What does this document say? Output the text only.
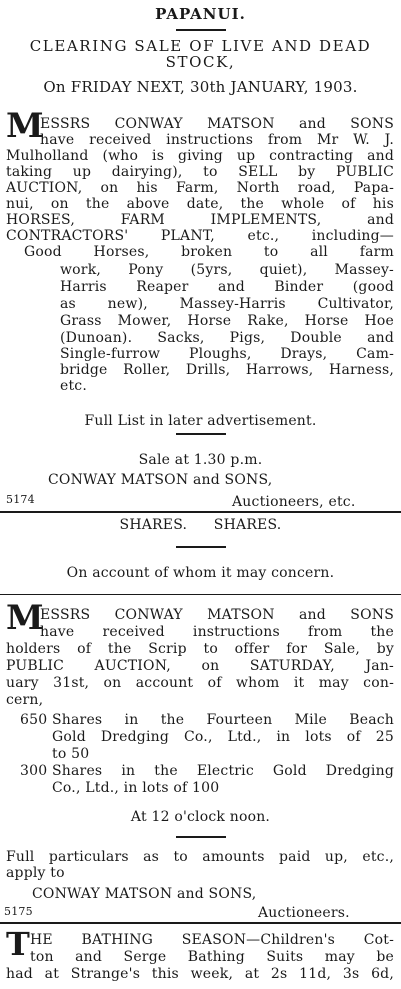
PAPANUI.
CLEARING SALE OF LIVE AND DEAD
STOCK,
On FRIDAY NEXT, 30th JANUARY, 1903.
M
ESSRS CONWAY MATSON and SONS
have received instructions from Mr W. J.
Mulholland (who is giving up contracting and
taking up dairying), to SELL by PUBLIC
AUCTION, on his Farm, North road, Papa-
nui, on the above date, the whole of his
HORSES, FARM IMPLEMENTS, and
CONTRACTORS' PLANT, etc., including—
Good Horses, broken to all farm
work, Pony (5yrs, quiet), Massey-
Harris Reaper and Binder (good
as new), Massey-Harris Cultivator,
Grass Mower, Horse Rake, Horse Hoe
(Dunoan). Sacks, Pigs, Double and
Single-furrow Ploughs, Drays, Cam-
bridge Roller, Drills, Harrows, Harness,
etc.
Full List in later advertisement.
Sale at 1.30 p.m.
CONWAY MATSON and SONS,
5174	Auctioneers, etc.
SHARES. SHARES.
On account of whom it may concern.
M
ESSRS CONWAY MATSON and SONS
have received instructions from the
holders of the Scrip to offer for Sale, by
PUBLIC AUCTION, on SATURDAY, Jan-
uary 31st, on account of whom it may con-
cern,
650 Shares in the Fourteen Mile Beach
Gold Dredging Co., Ltd., in lots of 25
to 50
300 Shares in the Electric Gold Dredging
Co., Ltd., in lots of 100
At 12 o'clock noon.
Full particulars as to amounts paid up, etc.,
apply to
CONWAY MATSON and SONS,
5175	Auctioneers.
T HE BATHING SEASON—Children's Cot-
ton and Serge Bathing Suits may be
had at Strange's this week, at 2s 11d, 3s 6d,
